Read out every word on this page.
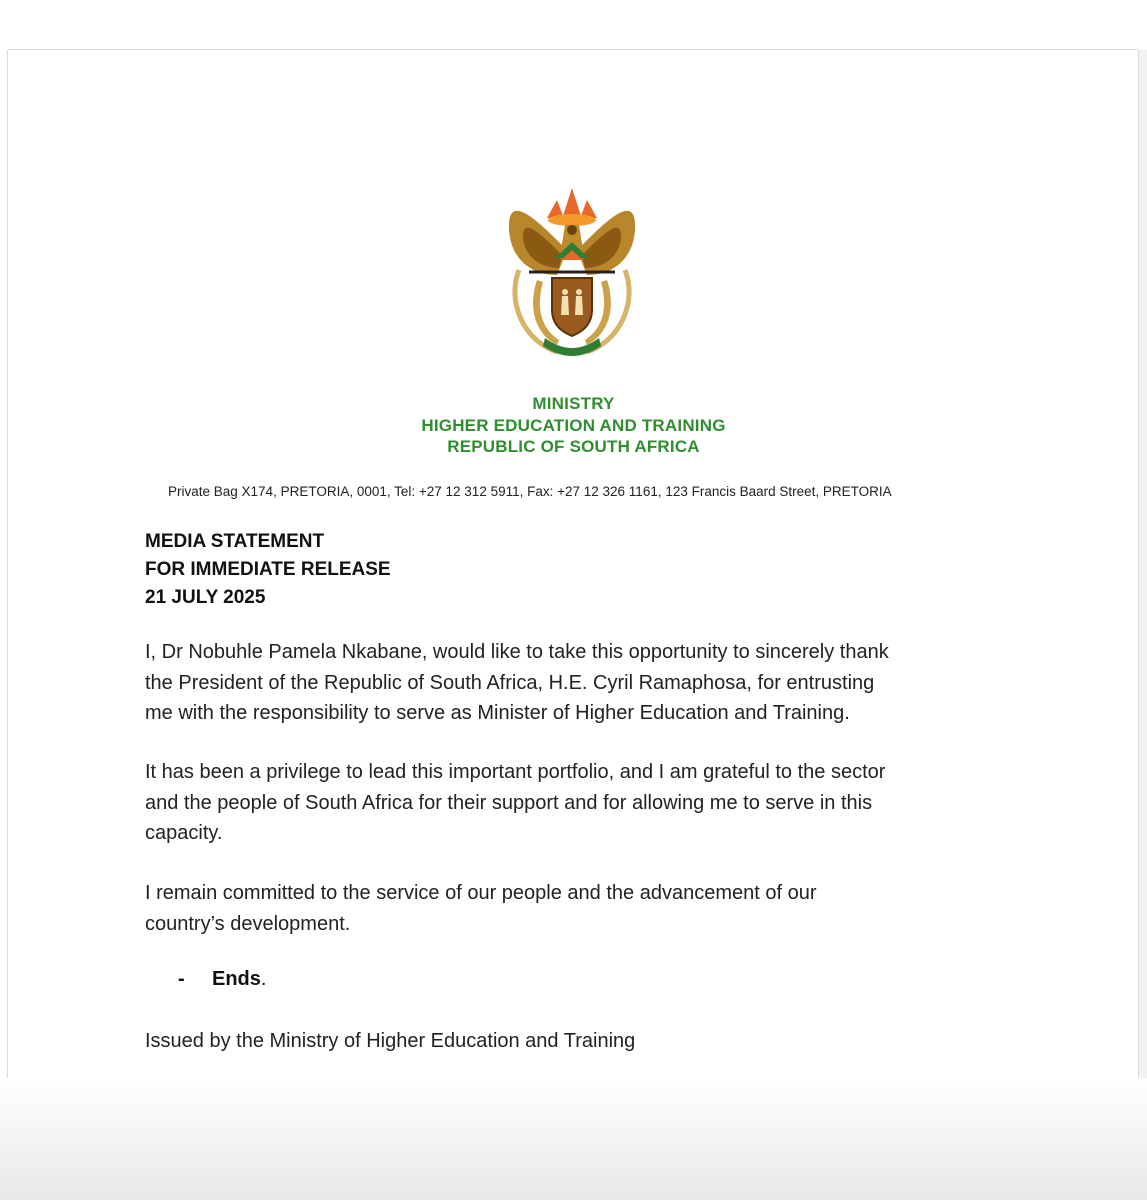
MINISTRY
HIGHER EDUCATION AND TRAINING
REPUBLIC OF SOUTH AFRICA
Private Bag X174, PRETORIA, 0001, Tel: +27 12 312 5911, Fax: +27 12 326 1161, 123 Francis Baard Street, PRETORIA
MEDIA STATEMENT
FOR IMMEDIATE RELEASE
21 JULY 2025
I, Dr Nobuhle Pamela Nkabane, would like to take this opportunity to sincerely thank
the President of the Republic of South Africa, H.E. Cyril Ramaphosa, for entrusting
me with the responsibility to serve as Minister of Higher Education and Training.
It has been a privilege to lead this important portfolio, and I am grateful to the sector
and the people of South Africa for their support and for allowing me to serve in this
capacity.
I remain committed to the service of our people and the advancement of our
country’s development.
- Ends.
Issued by the Ministry of Higher Education and Training
